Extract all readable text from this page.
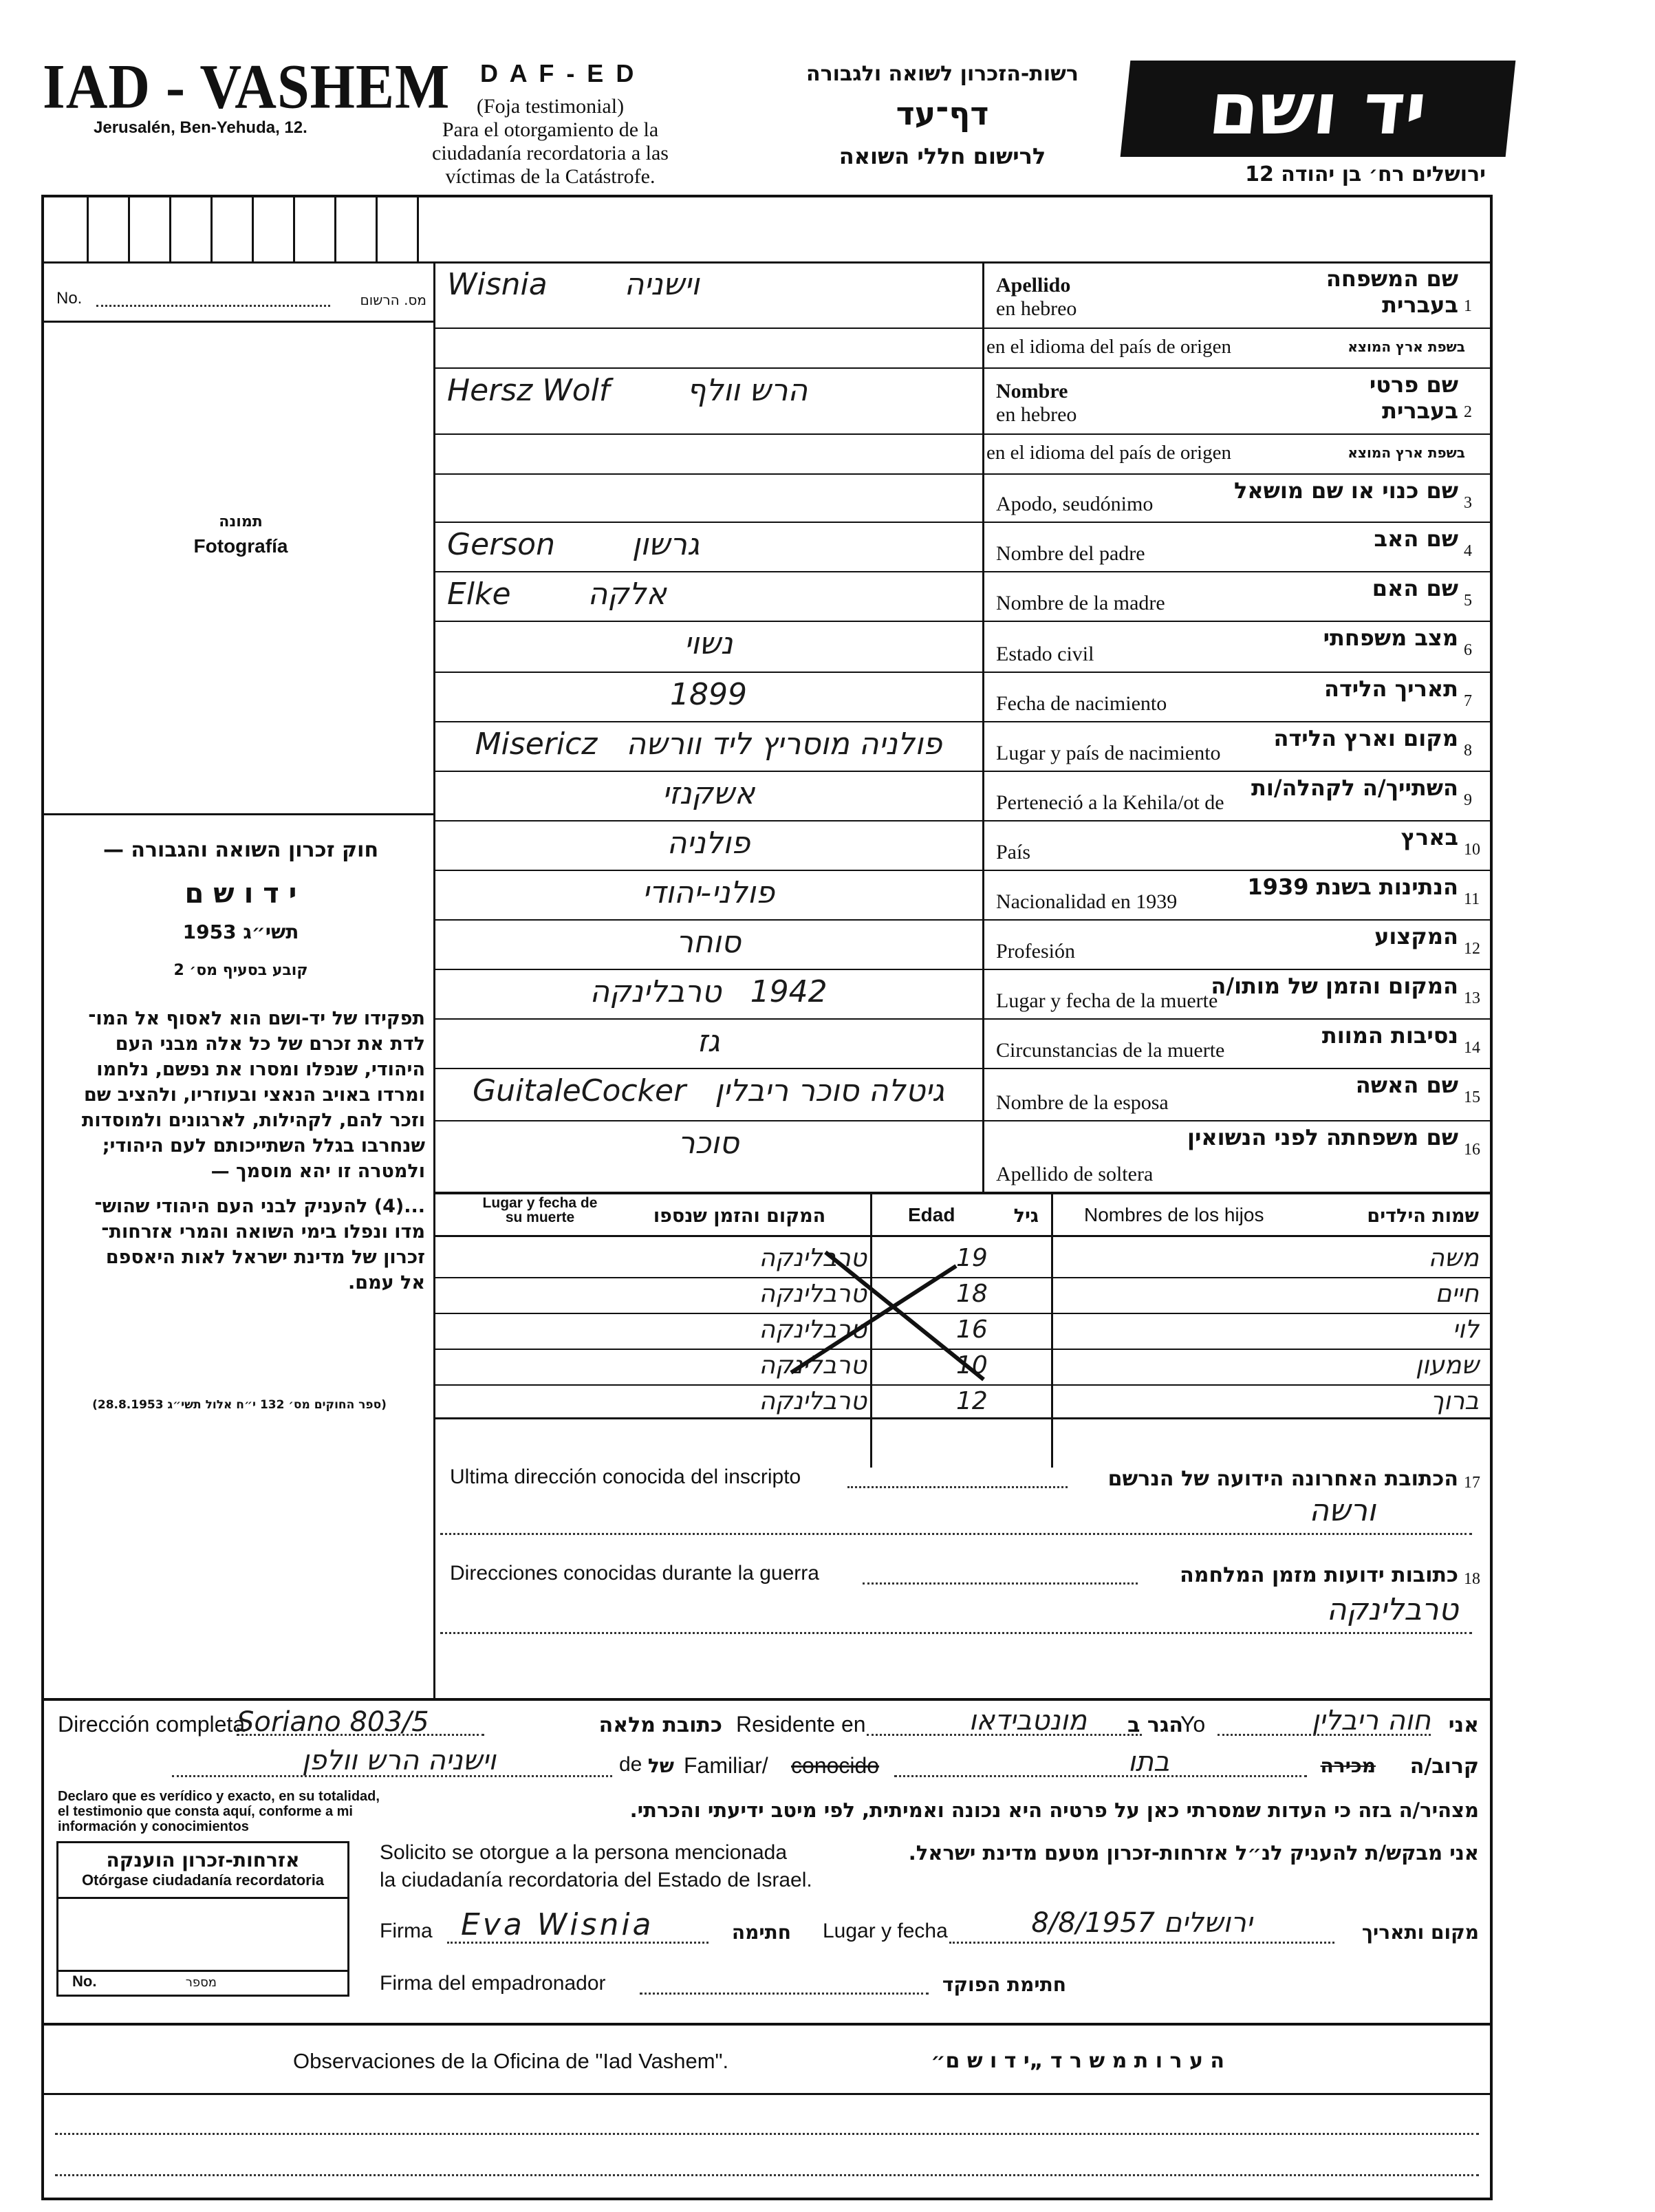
IAD - VASHEM
Jerusalén, Ben-Yehuda, 12.
D A F - E D
(Foja testimonial)
Para el otorgamiento de la
ciudadanía recordatoria a las
víctimas de la Catástrofe.
רשות-הזכרון לשואה ולגבורה
דף־עד
לרישום חללי השואה
יד ושם
ירושלים רח׳ בן יהודה 12
No.	מס. הרשום
תמונה
Fotografía
חוק זכרון השואה והגבורה —
י ד ו ש ם
תשי״ג 1953
קובע בסעיף מס׳ 2
תפקידו של יד-ושם הוא לאסוף אל המו־
לדת את זכרם של כל אלה מבני העם
היהודי, שנפלו ומסרו את נפשם, נלחמו
ומרדו באויב הנאצי ובעוזריו, ולהציב שם
וזכר להם, לקהילות, לארגונים ולמוסדות
שנחרבו בגלל השתייכותם לעם היהודי;
ולמטרה זו יהא מוסמך —
...(4) להעניק לבני העם היהודי שהוש־
מדו ונפלו בימי השואה והמרי אזרחות־
זכרון של מדינת ישראל לאות היאספם
אל עמם.
(ספר החוקים מס׳ 132 י״ח אלול תשי״ג 28.8.1953)
1
Apellido	שם המשפחה
en hebreo	בעברית
en el idioma del país de origen	בשפת ארץ המוצא
Wisnia        וישניה
2
Nombre	שם פרטי
en hebreo	בעברית
en el idioma del país de origen	בשפת ארץ המוצא
Hersz Wolf        הרש וולף
3
Apodo, seudónimo
שם כנוי או שם מושאל
4
Nombre del padre
שם האב
Gerson        גרשון
5
Nombre de la madre
שם האם
Elke        אלקה
6
Estado civil
מצב משפחתי
נשוי
7
Fecha de nacimiento
תאריך הלידה
1899
8
Lugar y país de nacimiento
מקום וארץ הלידה
Misericz   פולניה מוסריץ ליד וורשה
9
Perteneció a la Kehila/ot de
השתייך/ה לקהלה/ות
אשקנזי
10
País
בארץ
פולניה
11
Nacionalidad en 1939
הנתינות בשנת 1939
פולני-יהודי
12
Profesión
המקצוע
סוחר
13
Lugar y fecha de la muerte
המקום והזמן של מותו/ה
1942   טרבלינקה
14
Circunstancias de la muerte
נסיבות המוות
גז
15
Nombre de la esposa
שם האשה
GuitaleCocker   גיטלה סוכר ריבלין
16
Apellido de soltera
שם משפחתה לפני הנשואין
סוכר
Lugar y fecha de su muerte	המקום והזמן שנספו	Edad	גיל Nombres de los hijos	שמות הילדים
טרבלינקה	19	משה
טרבלינקה	18	חיים
טרבלינקה	16	לוי
טרבלינקה	10	שמעון
טרבלינקה	12	ברוך
Ultima dirección conocida del inscripto	הכתובת האחרונה הידועה של הנרשם 17
ורשה
Direcciones conocidas durante la guerra	כתובות ידועות מזמן המלחמה 18
טרבלינקה
Dirección completa
Soriano 803/5	כתובת מלאה Residente en	מונטבידאו	הגר ב
Yo	חוה ריבלין אני
וישניה הרש וולפן	de של Familiar/ conocido	בתו	מכירה	קרוב/ה
Declaro que es verídico y exacto, en su totalidad,
el testimonio que consta aquí, conforme a mi
información y conocimientos
מצהיר/ה בזה כי העדות שמסרתי כאן על פרטיה היא נכונה ואמיתית, לפי מיטב ידיעתי והכרתי.
Solicito se otorgue a la persona mencionada
la ciudadanía recordatoria del Estado de Israel.
אני מבקש/ת להעניק לנ״ל אזרחות-זכרון מטעם מדינת ישראל.
אזרחות-זכרון הוענקה
Otórgase ciudadanía recordatoria
No.	מספר
Firma Eva Wisnia	חתימה Lugar y fecha	ירושלים 8/8/1957	מקום ותאריך
Firma del empadronador	חתימת הפוקד
Observaciones de la Oficina de "Iad Vashem".	ה ע ר ו ת מ ש ר ד „י ד ו ש ם״
